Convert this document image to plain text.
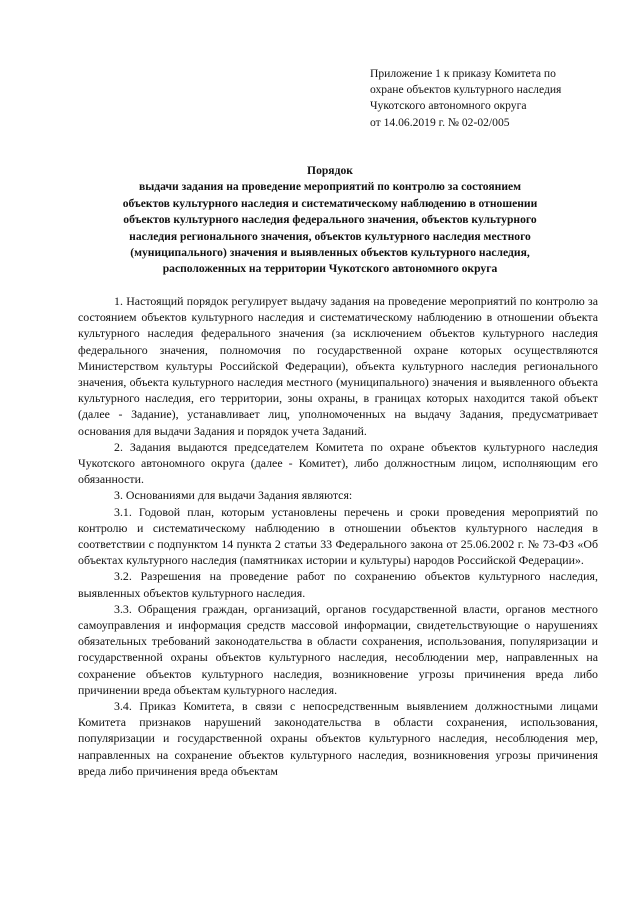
Приложение 1 к приказу Комитета по
охране объектов культурного наследия
Чукотского автономного округа
от 14.06.2019 г. № 02-02/005
Порядок
выдачи задания на проведение мероприятий по контролю за состоянием
объектов культурного наследия и систематическому наблюдению в отношении
объектов культурного наследия федерального значения, объектов культурного
наследия регионального значения, объектов культурного наследия местного
(муниципального) значения и выявленных объектов культурного наследия,
расположенных на территории Чукотского автономного округа

1. Настоящий порядок регулирует выдачу задания на проведение мероприятий по контролю за состоянием объектов культурного наследия и систематическому наблюдению в отношении объекта культурного наследия федерального значения (за исключением объектов культурного наследия федерального значения, полномочия по государственной охране которых осуществляются Министерством культуры Российской Федерации), объекта культурного наследия регионального значения, объекта культурного наследия местного (муниципального) значения и выявленного объекта культурного наследия, его территории, зоны охраны, в границах которых находится такой объект (далее - Задание), устанавливает лиц, уполномоченных на выдачу Задания, предусматривает основания для выдачи Задания и порядок учета Заданий.

2. Задания выдаются председателем Комитета по охране объектов культурного наследия Чукотского автономного округа (далее - Комитет), либо должностным лицом, исполняющим его обязанности.

3. Основаниями для выдачи Задания являются:

3.1. Годовой план, которым установлены перечень и сроки проведения мероприятий по контролю и систематическому наблюдению в отношении объектов культурного наследия в соответствии с подпунктом 14 пункта 2 статьи 33 Федерального закона от 25.06.2002 г. № 73-ФЗ «Об объектах культурного наследия (памятниках истории и культуры) народов Российской Федерации».

3.2. Разрешения на проведение работ по сохранению объектов культурного наследия, выявленных объектов культурного наследия.

3.3. Обращения граждан, организаций, органов государственной власти, органов местного самоуправления и информация средств массовой информации, свидетельствующие о нарушениях обязательных требований законодательства в области сохранения, использования, популяризации и государственной охраны объектов культурного наследия, несоблюдении мер, направленных на сохранение объектов культурного наследия, возникновение угрозы причинения вреда либо причинении вреда объектам культурного наследия.

3.4. Приказ Комитета, в связи с непосредственным выявлением должностными лицами Комитета признаков нарушений законодательства в области сохранения, использования, популяризации и государственной охраны объектов культурного наследия, несоблюдения мер, направленных на сохранение объектов культурного наследия, возникновения угрозы причинения вреда либо причинения вреда объектам
